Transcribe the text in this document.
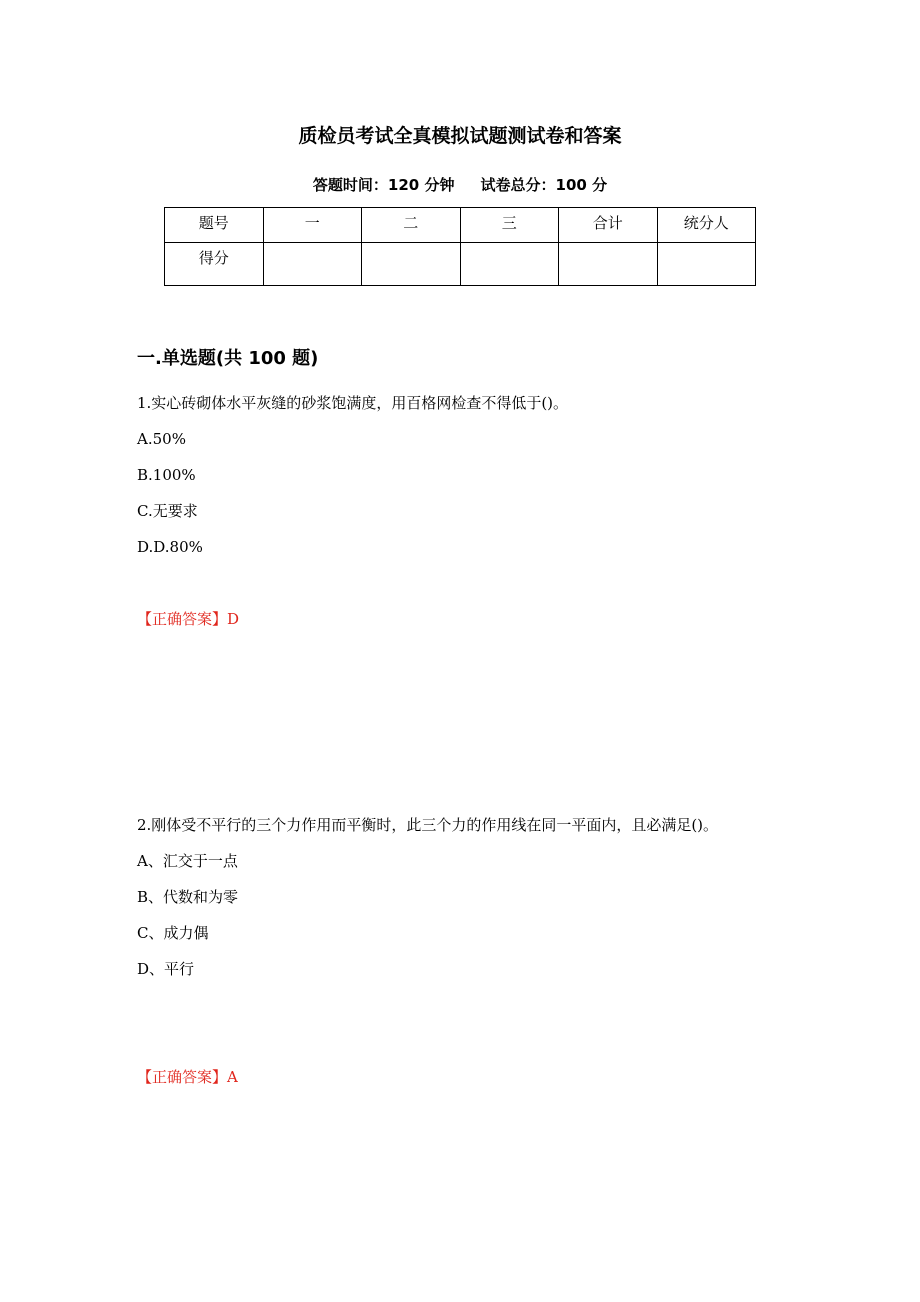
质检员考试全真模拟试题测试卷和答案
答题时间：120 分钟     试卷总分：100 分
题号	一	二	三	合计	统分人
得分					
一.单选题(共 100 题)

1.实心砖砌体水平灰缝的砂浆饱满度，用百格网检查不得低于()。

A.50%

B.100%

C.无要求

D.D.80%

【正确答案】D

2.刚体受不平行的三个力作用而平衡时，此三个力的作用线在同一平面内，且必满足()。

A、汇交于一点

B、代数和为零

C、成力偶

D、平行

【正确答案】A
